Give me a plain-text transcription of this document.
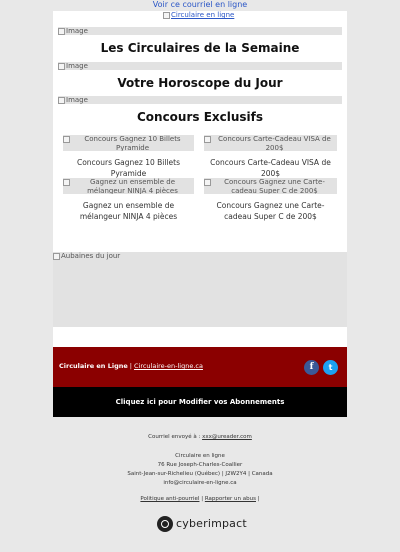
Voir ce courriel en ligne
Circulaire en ligne
Image
Les Circulaires de la Semaine
Image
Votre Horoscope du Jour
Image
Concours Exclusifs
Concours Gagnez 10 Billets Pyramide
Concours Gagnez 10 Billets Pyramide
Concours Carte-Cadeau VISA de 200$
Concours Carte-Cadeau VISA de 200$
Gagnez un ensemble de mélangeur NINJA 4 pièces
Gagnez un ensemble de mélangeur NINJA 4 pièces
Concours Gagnez une Carte-cadeau Super C de 200$
Concours Gagnez une Carte-cadeau Super C de 200$
Aubaines du jour
Circulaire en Ligne | Circulaire-en-ligne.ca	f	t
Cliquez ici pour Modifier vos Abonnements
Courriel envoyé à : xxx@ureader.com
Circulaire en ligne
76 Rue Joseph-Charles-Coallier
Saint-Jean-sur-Richelieu (Québec) | J2W2Y4 | Canada
info@circulaire-en-ligne.ca
Politique anti-pourriel | Rapporter un abus |
cyberimpact
